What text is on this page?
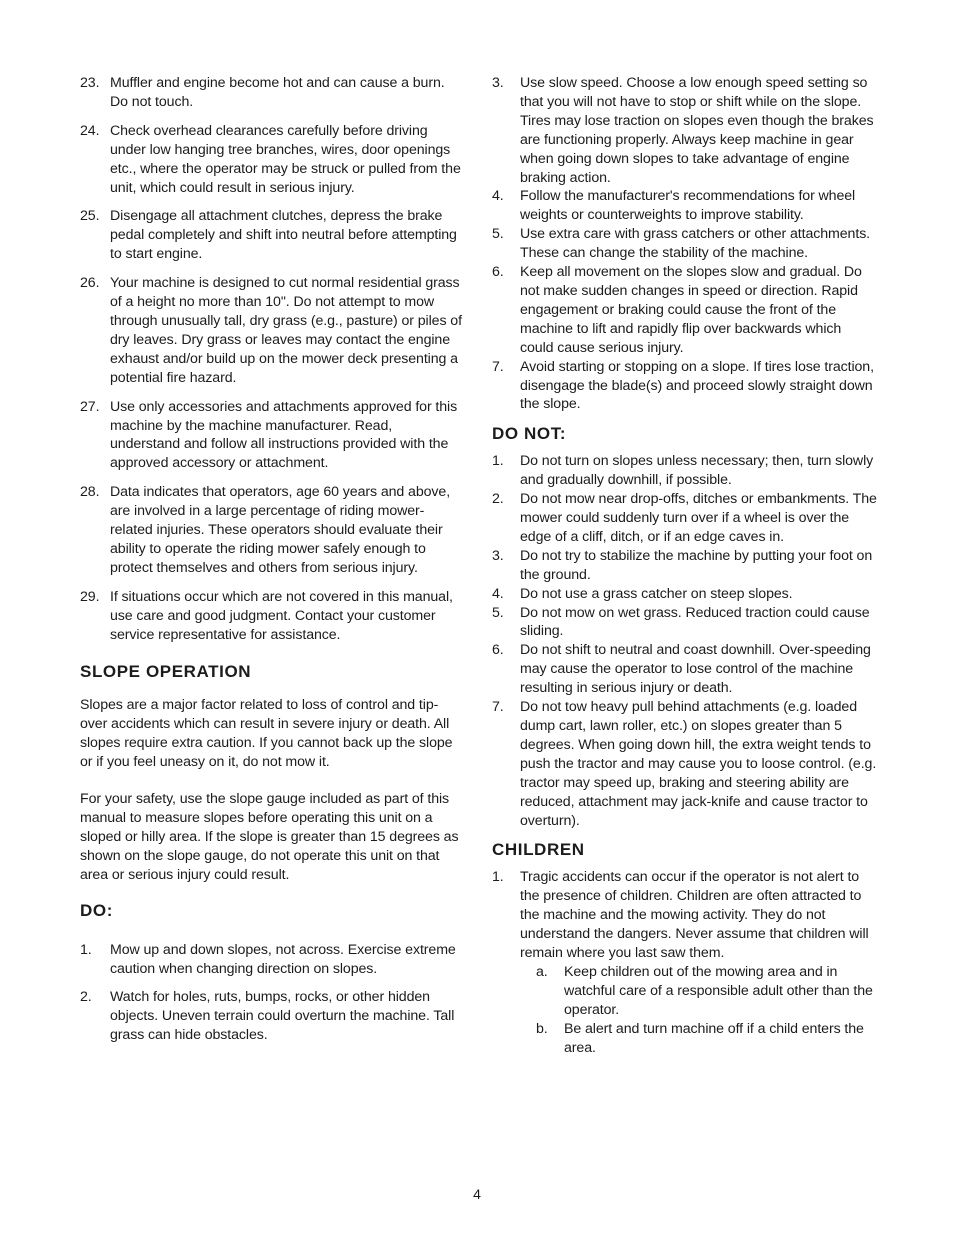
23. Muffler and engine become hot and can cause a burn. Do not touch.
24. Check overhead clearances carefully before driving under low hanging tree branches, wires, door openings etc., where the operator may be struck or pulled from the unit, which could result in serious injury.
25. Disengage all attachment clutches, depress the brake pedal completely and shift into neutral before attempting to start engine.
26. Your machine is designed to cut normal residential grass of a height no more than 10". Do not attempt to mow through unusually tall, dry grass (e.g., pasture) or piles of dry leaves. Dry grass or leaves may contact the engine exhaust and/or build up on the mower deck presenting a potential fire hazard.
27. Use only accessories and attachments approved for this machine by the machine manufacturer. Read, understand and follow all instructions provided with the approved accessory or attachment.
28. Data indicates that operators, age 60 years and above, are involved in a large percentage of riding mower-related injuries. These operators should evaluate their ability to operate the riding mower safely enough to protect themselves and others from serious injury.
29. If situations occur which are not covered in this manual, use care and good judgment. Contact your customer service representative for assistance.
SLOPE OPERATION

Slopes are a major factor related to loss of control and tip-over accidents which can result in severe injury or death. All slopes require extra caution. If you cannot back up the slope or if you feel uneasy on it, do not mow it.

For your safety, use the slope gauge included as part of this manual to measure slopes before operating this unit on a sloped or hilly area. If the slope is greater than 15 degrees as shown on the slope gauge, do not operate this unit on that area or serious injury could result.

DO:
1.	Mow up and down slopes, not across. Exercise extreme caution when changing direction on slopes.
2.	Watch for holes, ruts, bumps, rocks, or other hidden objects. Uneven terrain could overturn the machine. Tall grass can hide obstacles.
3.	Use slow speed. Choose a low enough speed setting so that you will not have to stop or shift while on the slope. Tires may lose traction on slopes even though the brakes are functioning properly. Always keep machine in gear when going down slopes to take advantage of engine braking action.
4.	Follow the manufacturer's recommendations for wheel weights or counterweights to improve stability.
5.	Use extra care with grass catchers or other attachments. These can change the stability of the machine.
6.	Keep all movement on the slopes slow and gradual. Do not make sudden changes in speed or direction. Rapid engagement or braking could cause the front of the machine to lift and rapidly flip over backwards which could cause serious injury.
7.	Avoid starting or stopping on a slope. If tires lose traction, disengage the blade(s) and proceed slowly straight down the slope.
DO NOT:
1.	Do not turn on slopes unless necessary; then, turn slowly and gradually downhill, if possible.
2.	Do not mow near drop-offs, ditches or embankments. The mower could suddenly turn over if a wheel is over the edge of a cliff, ditch, or if an edge caves in.
3.	Do not try to stabilize the machine by putting your foot on the ground.
4.	Do not use a grass catcher on steep slopes.
5.	Do not mow on wet grass. Reduced traction could cause sliding.
6.	Do not shift to neutral and coast downhill. Over-speeding may cause the operator to lose control of the machine resulting in serious injury or death.
7.	Do not tow heavy pull behind attachments (e.g. loaded dump cart, lawn roller, etc.) on slopes greater than 5 degrees. When going down hill, the extra weight tends to push the tractor and may cause you to loose control. (e.g. tractor may speed up, braking and steering ability are reduced, attachment may jack-knife and cause tractor to overturn).
CHILDREN
1.	Tragic accidents can occur if the operator is not alert to the presence of children. Children are often attracted to the machine and the mowing activity. They do not understand the dangers. Never assume that children will remain where you last saw them.
a.	Keep children out of the mowing area and in watchful care of a responsible adult other than the operator.
b.	Be alert and turn machine off if a child enters the area.
4
